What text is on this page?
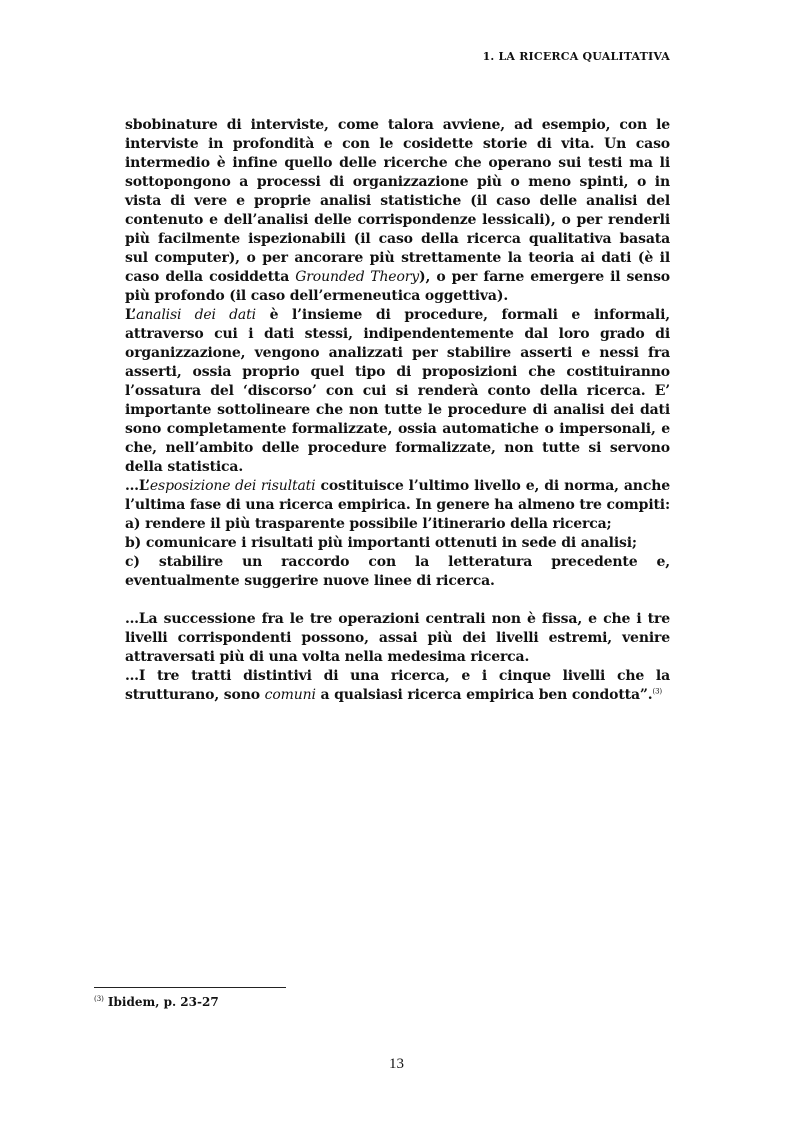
1. LA RICERCA QUALITATIVA

sbobinature di interviste, come talora avviene, ad esempio, con le interviste in profondità e con le cosidette storie di vita. Un caso intermedio è infine quello delle ricerche che operano sui testi ma li sottopongono a processi di organizzazione più o meno spinti, o in vista di vere e proprie analisi statistiche (il caso delle analisi del contenuto e dell’analisi delle corrispondenze lessicali), o per renderli più facilmente ispezionabili (il caso della ricerca qualitativa basata sul computer), o per ancorare più strettamente la teoria ai dati (è il caso della cosiddetta Grounded Theory), o per farne emergere il senso più profondo (il caso dell’ermeneutica oggettiva).

L’analisi dei dati è l’insieme di procedure, formali e informali, attraverso cui i dati stessi, indipendentemente dal loro grado di organizzazione, vengono analizzati per stabilire asserti e nessi fra asserti, ossia proprio quel tipo di proposizioni che costituiranno l’ossatura del ‘discorso’ con cui si renderà conto della ricerca. E’ importante sottolineare che non tutte le procedure di analisi dei dati sono completamente formalizzate, ossia automatiche o impersonali, e che, nell’ambito delle procedure formalizzate, non tutte si servono della statistica.

…L’esposizione dei risultati costituisce l’ultimo livello e, di norma, anche l’ultima fase di una ricerca empirica. In genere ha almeno tre compiti:

a) rendere il più trasparente possibile l’itinerario della ricerca;

b) comunicare i risultati più importanti ottenuti in sede di analisi;

c) stabilire un raccordo con la letteratura precedente e, eventualmente suggerire nuove linee di ricerca.

…La successione fra le tre operazioni centrali non è fissa, e che i tre livelli corrispondenti possono, assai più dei livelli estremi, venire attraversati più di una volta nella medesima ricerca.

…I tre tratti distintivi di una ricerca, e i cinque livelli che la strutturano, sono comuni a qualsiasi ricerca empirica ben condotta”.$^{(3)}$

$^{(3)}$ Ibidem, p. 23-27
13
